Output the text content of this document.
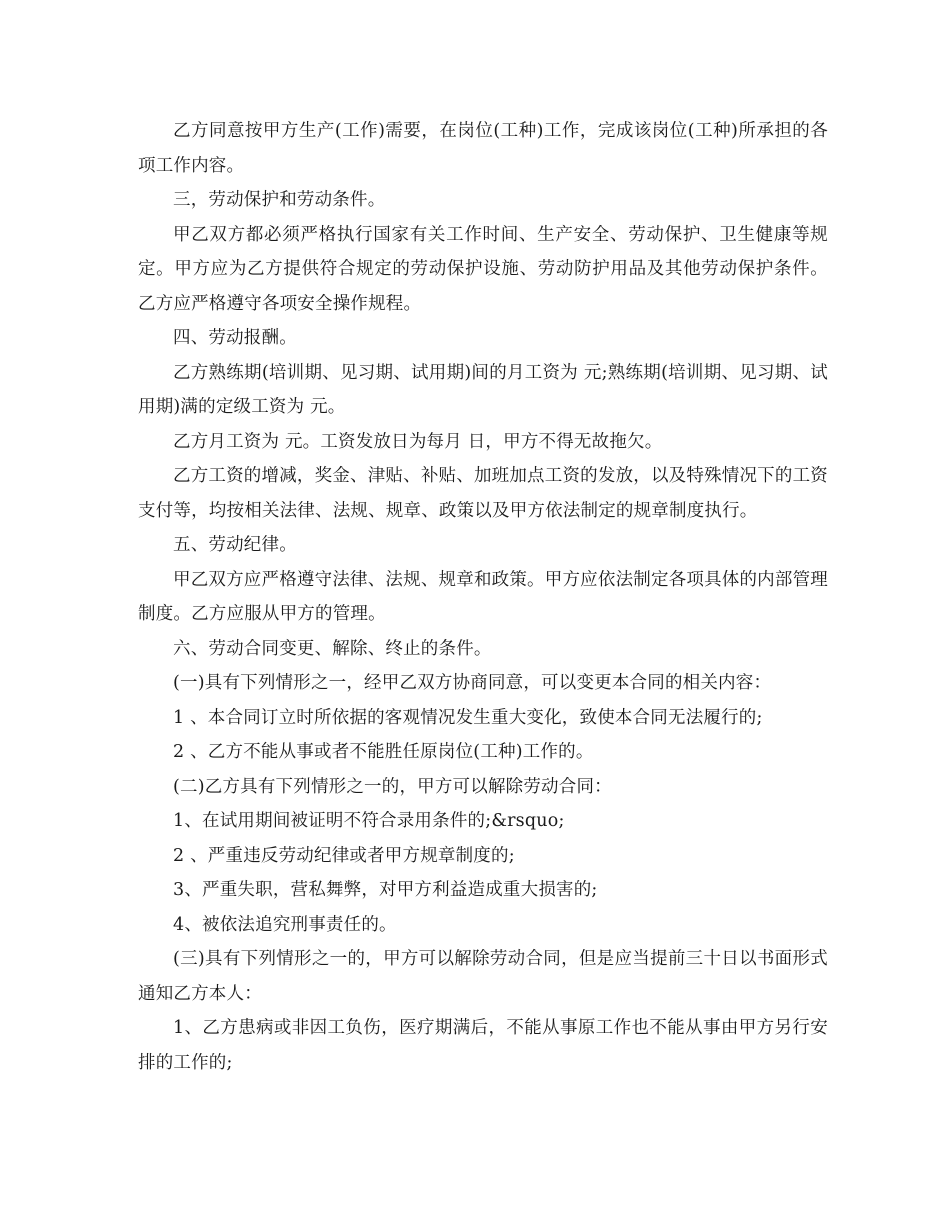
乙方同意按甲方生产(工作)需要，在岗位(工种)工作，完成该岗位(工种)所承担的各项工作内容。

三，劳动保护和劳动条件。

甲乙双方都必须严格执行国家有关工作时间、生产安全、劳动保护、卫生健康等规定。甲方应为乙方提供符合规定的劳动保护设施、劳动防护用品及其他劳动保护条件。乙方应严格遵守各项安全操作规程。

四、劳动报酬。

乙方熟练期(培训期、见习期、试用期)间的月工资为 元;熟练期(培训期、见习期、试用期)满的定级工资为 元。

乙方月工资为 元。工资发放日为每月 日，甲方不得无故拖欠。

乙方工资的增减，奖金、津贴、补贴、加班加点工资的发放，以及特殊情况下的工资支付等，均按相关法律、法规、规章、政策以及甲方依法制定的规章制度执行。

五、劳动纪律。

甲乙双方应严格遵守法律、法规、规章和政策。甲方应依法制定各项具体的内部管理制度。乙方应服从甲方的管理。

六、劳动合同变更、解除、终止的条件。

(一)具有下列情形之一，经甲乙双方协商同意，可以变更本合同的相关内容：

1 、本合同订立时所依据的客观情况发生重大变化，致使本合同无法履行的;

2 、乙方不能从事或者不能胜任原岗位(工种)工作的。

(二)乙方具有下列情形之一的，甲方可以解除劳动合同：

1、在试用期间被证明不符合录用条件的;&rsquo;

2 、严重违反劳动纪律或者甲方规章制度的;

3、严重失职，营私舞弊，对甲方利益造成重大损害的;

4、被依法追究刑事责任的。

(三)具有下列情形之一的，甲方可以解除劳动合同，但是应当提前三十日以书面形式通知乙方本人：

1、乙方患病或非因工负伤，医疗期满后，不能从事原工作也不能从事由甲方另行安排的工作的;
